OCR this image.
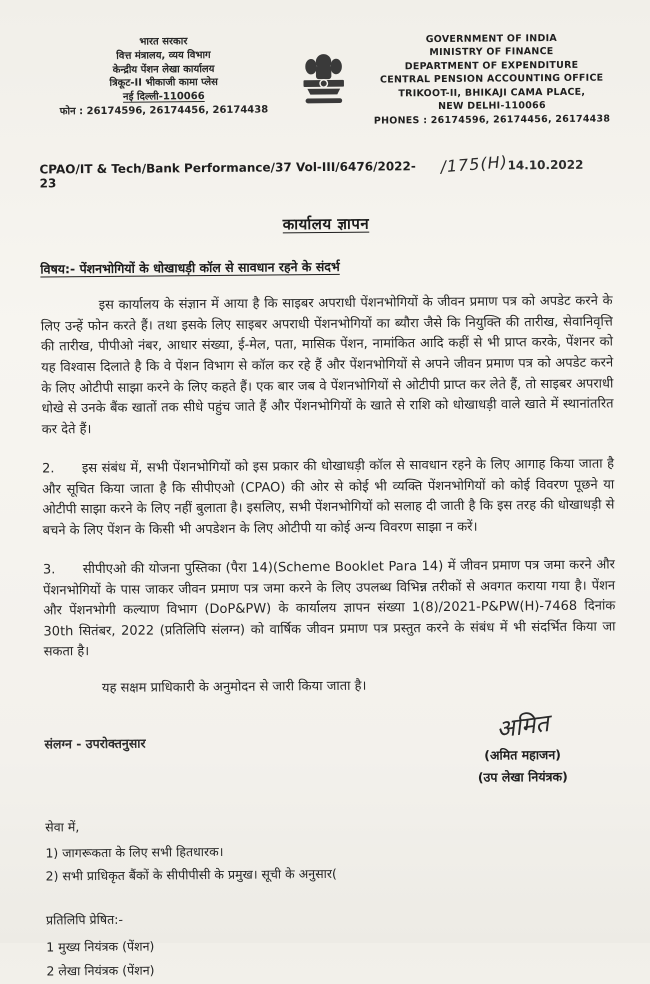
भारत सरकार
वित्त मंत्रालय, व्यय विभाग
केन्द्रीय पेंशन लेखा कार्यालय
त्रिकूट-II भीकाजी कामा प्लेस
नई दिल्ली-110066
फोन : 26174596, 26174456, 26174438
GOVERNMENT OF INDIA
MINISTRY OF FINANCE
DEPARTMENT OF EXPENDITURE
CENTRAL PENSION ACCOUNTING OFFICE
TRIKOOT-II, BHIKAJI CAMA PLACE,
NEW DELHI-110066
PHONES : 26174596, 26174456, 26174438
CPAO/IT & Tech/Bank Performance/37 Vol-III/6476/2022-23
/175(H) 14.10.2022
कार्यालय ज्ञापन
विषय:- पेंशनभोगियों के धोखाधड़ी कॉल से सावधान रहने के संदर्भ

इस कार्यालय के संज्ञान में आया है कि साइबर अपराधी पेंशनभोगियों के जीवन प्रमाण पत्र को अपडेट करने के लिए उन्हें फोन करते हैं। तथा इसके लिए साइबर अपराधी पेंशनभोगियों का ब्यौरा जैसे कि नियुक्ति की तारीख, सेवानिवृत्ति की तारीख, पीपीओ नंबर, आधार संख्या, ई-मेल, पता, मासिक पेंशन, नामांकित आदि कहीं से भी प्राप्त करके, पेंशनर को यह विश्वास दिलाते है कि वे पेंशन विभाग से कॉल कर रहे हैं और पेंशनभोगियों से अपने जीवन प्रमाण पत्र को अपडेट करने के लिए ओटीपी साझा करने के लिए कहते हैं। एक बार जब वे पेंशनभोगियों से ओटीपी प्राप्त कर लेते हैं, तो साइबर अपराधी धोखे से उनके बैंक खातों तक सीधे पहुंच जाते हैं और पेंशनभोगियों के खाते से राशि को धोखाधड़ी वाले खाते में स्थानांतरित कर देते हैं।

2.      इस संबंध में, सभी पेंशनभोगियों को इस प्रकार की धोखाधड़ी कॉल से सावधान रहने के लिए आगाह किया जाता है और सूचित किया जाता है कि सीपीएओ (CPAO) की ओर से कोई भी व्यक्ति पेंशनभोगियों को कोई विवरण पूछने या ओटीपी साझा करने के लिए नहीं बुलाता है। इसलिए, सभी पेंशनभोगियों को सलाह दी जाती है कि इस तरह की धोखाधड़ी से बचने के लिए पेंशन के किसी भी अपडेशन के लिए ओटीपी या कोई अन्य विवरण साझा न करें।

3.      सीपीएओ की योजना पुस्तिका (पैरा 14)(Scheme Booklet Para 14) में जीवन प्रमाण पत्र जमा करने और पेंशनभोगियों के पास जाकर जीवन प्रमाण पत्र जमा करने के लिए उपलब्ध विभिन्न तरीकों से अवगत कराया गया है। पेंशन और पेंशनभोगी कल्याण विभाग (DoP&PW) के कार्यालय ज्ञापन संख्या 1(8)/2021-P&PW(H)-7468 दिनांक 30th सितंबर, 2022 (प्रतिलिपि संलग्न) को वार्षिक जीवन प्रमाण पत्र प्रस्तुत करने के संबंध में भी संदर्भित किया जा सकता है।

यह सक्षम प्राधिकारी के अनुमोदन से जारी किया जाता है।

संलग्न - उपरोक्तनुसार	अमित
(अमित महाजन)
(उप लेखा नियंत्रक)
सेवा में,
1) जागरूकता के लिए सभी हितधारक।
2) सभी प्राधिकृत बैंकों के सीपीपीसी के प्रमुख। सूची के अनुसार(
प्रतिलिपि प्रेषित:-
1 मुख्य नियंत्रक (पेंशन)
2 लेखा नियंत्रक (पेंशन)
